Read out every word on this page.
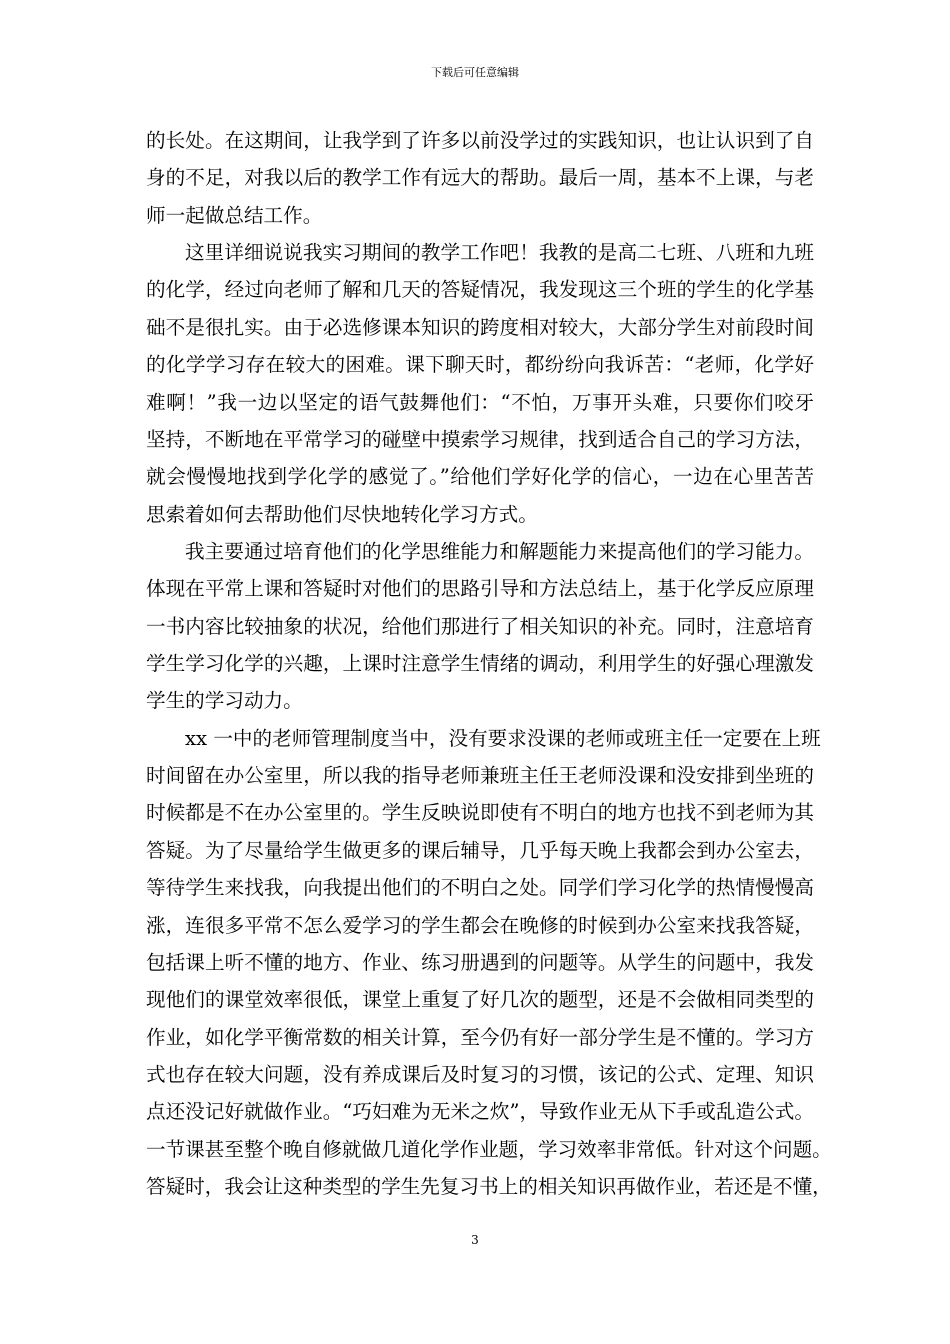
下载后可任意编辑
的长处。在这期间，让我学到了许多以前没学过的实践知识，也让认识到了自
身的不足，对我以后的教学工作有远大的帮助。最后一周，基本不上课，与老
师一起做总结工作。
这里详细说说我实习期间的教学工作吧！我教的是高二七班、八班和九班
的化学，经过向老师了解和几天的答疑情况，我发现这三个班的学生的化学基
础不是很扎实。由于必选修课本知识的跨度相对较大，大部分学生对前段时间
的化学学习存在较大的困难。课下聊天时，都纷纷向我诉苦：“老师，化学好
难啊！”我一边以坚定的语气鼓舞他们：“不怕，万事开头难，只要你们咬牙
坚持，不断地在平常学习的碰壁中摸索学习规律，找到适合自己的学习方法，
就会慢慢地找到学化学的感觉了。”给他们学好化学的信心，一边在心里苦苦
思索着如何去帮助他们尽快地转化学习方式。
我主要通过培育他们的化学思维能力和解题能力来提高他们的学习能力。
体现在平常上课和答疑时对他们的思路引导和方法总结上，基于化学反应原理
一书内容比较抽象的状况，给他们那进行了相关知识的补充。同时，注意培育
学生学习化学的兴趣，上课时注意学生情绪的调动，利用学生的好强心理激发
学生的学习动力。
xx 一中的老师管理制度当中，没有要求没课的老师或班主任一定要在上班
时间留在办公室里，所以我的指导老师兼班主任王老师没课和没安排到坐班的
时候都是不在办公室里的。学生反映说即使有不明白的地方也找不到老师为其
答疑。为了尽量给学生做更多的课后辅导，几乎每天晚上我都会到办公室去，
等待学生来找我，向我提出他们的不明白之处。同学们学习化学的热情慢慢高
涨，连很多平常不怎么爱学习的学生都会在晚修的时候到办公室来找我答疑，
包括课上听不懂的地方、作业、练习册遇到的问题等。从学生的问题中，我发
现他们的课堂效率很低，课堂上重复了好几次的题型，还是不会做相同类型的
作业，如化学平衡常数的相关计算，至今仍有好一部分学生是不懂的。学习方
式也存在较大问题，没有养成课后及时复习的习惯，该记的公式、定理、知识
点还没记好就做作业。“巧妇难为无米之炊”，导致作业无从下手或乱造公式。
一节课甚至整个晚自修就做几道化学作业题，学习效率非常低。针对这个问题。
答疑时，我会让这种类型的学生先复习书上的相关知识再做作业，若还是不懂，
3
